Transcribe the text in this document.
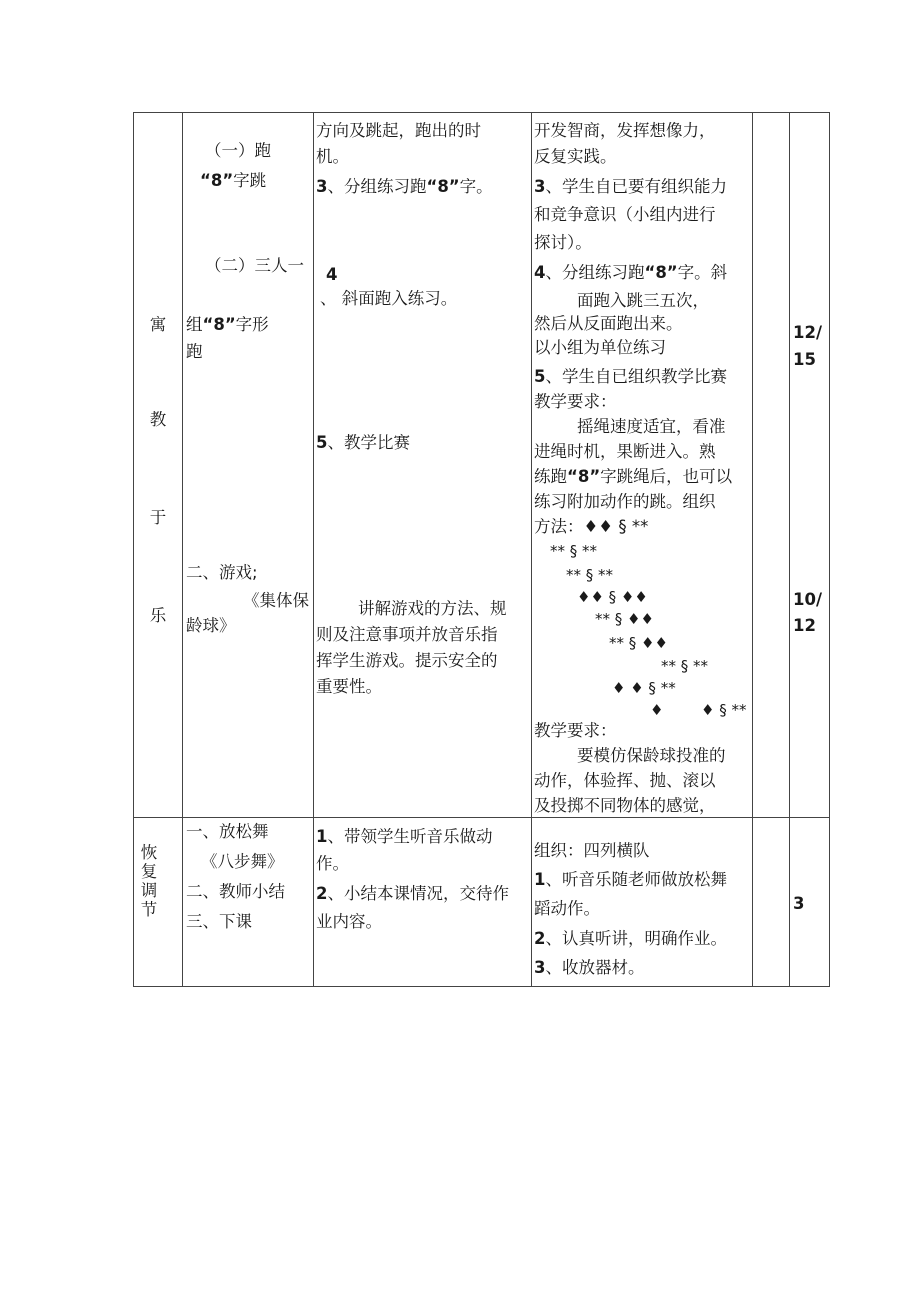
寓
教
于
乐
（一）跑
“8”字跳
（二）三人一
组“8”字形
跑
二、游戏;
《集体保
龄球》
方向及跳起，跑出的时
机。
3、分组练习跑“8”字。
4
、 斜面跑入练习。
5、教学比赛
讲解游戏的方法、规
则及注意事项并放音乐指
挥学生游戏。提示安全的
重要性。
开发智商，发挥想像力，
反复实践。
3、学生自已要有组织能力
和竞争意识（小组内进行
探讨）。
4、分组练习跑“8”字。斜
面跑入跳三五次，
然后从反面跑出来。
以小组为单位练习
5、学生自已组织教学比赛
教学要求：
摇绳速度适宜，看准
进绳时机，果断进入。熟
练跑“8”字跳绳后，也可以
练习附加动作的跳。组织
方法：♦♦ § **
** § **
** § **
♦♦ § ♦♦
** § ♦♦
** § ♦♦
** § **
♦ ♦ § **
♦	♦ § **
教学要求：
要模仿保龄球投准的
动作，体验挥、抛、滚以
及投掷不同物体的感觉，
12/
15
10/
12
恢
复
调
节
一、放松舞
《八步舞》
二、教师小结
三、下课
1、带领学生听音乐做动
作。
2、小结本课情况，交待作
业内容。
组织：四列横队
1、听音乐随老师做放松舞
蹈动作。
2、认真听讲，明确作业。
3、收放器材。
3
